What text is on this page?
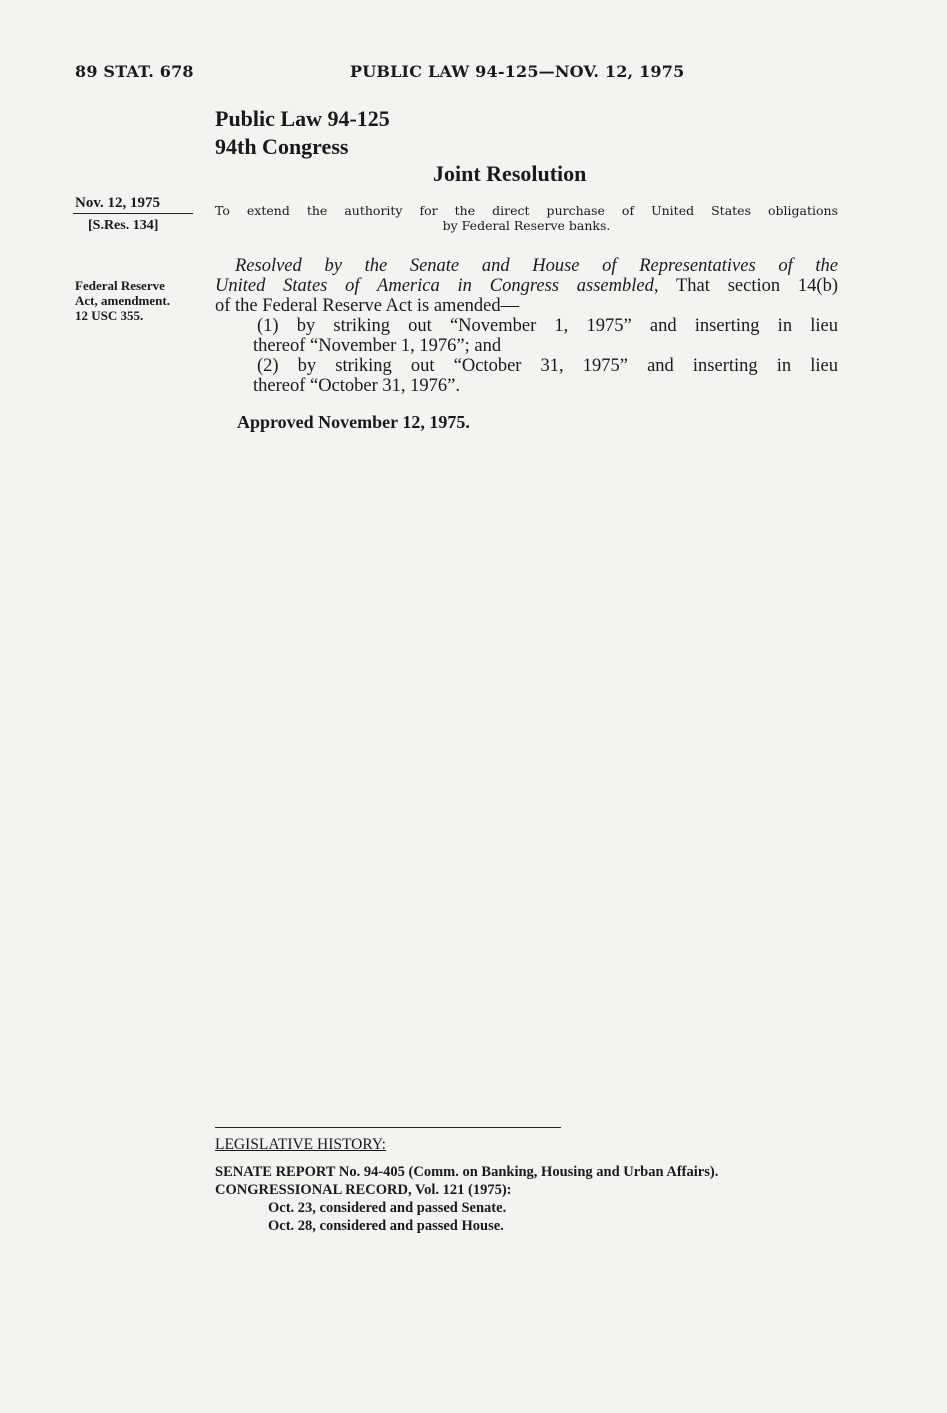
89 STAT. 678	PUBLIC LAW 94-125—NOV. 12, 1975
Public Law 94-125
94th Congress
Joint Resolution
Nov. 12, 1975
[S.Res. 134]
Federal Reserve
Act, amendment.
12 USC 355.
To extend the authority for the direct purchase of United States obligations
by Federal Reserve banks.
Resolved by the Senate and House of Representatives of the
United States of America in Congress assembled, That section 14(b)
of the Federal Reserve Act is amended—
(1) by striking out “November 1, 1975” and inserting in lieu
thereof “November 1, 1976”; and
(2) by striking out “October 31, 1975” and inserting in lieu
thereof “October 31, 1976”.
Approved November 12, 1975.
LEGISLATIVE HISTORY:
SENATE REPORT No. 94-405 (Comm. on Banking, Housing and Urban Affairs).
CONGRESSIONAL RECORD, Vol. 121 (1975):
Oct. 23, considered and passed Senate.
Oct. 28, considered and passed House.
